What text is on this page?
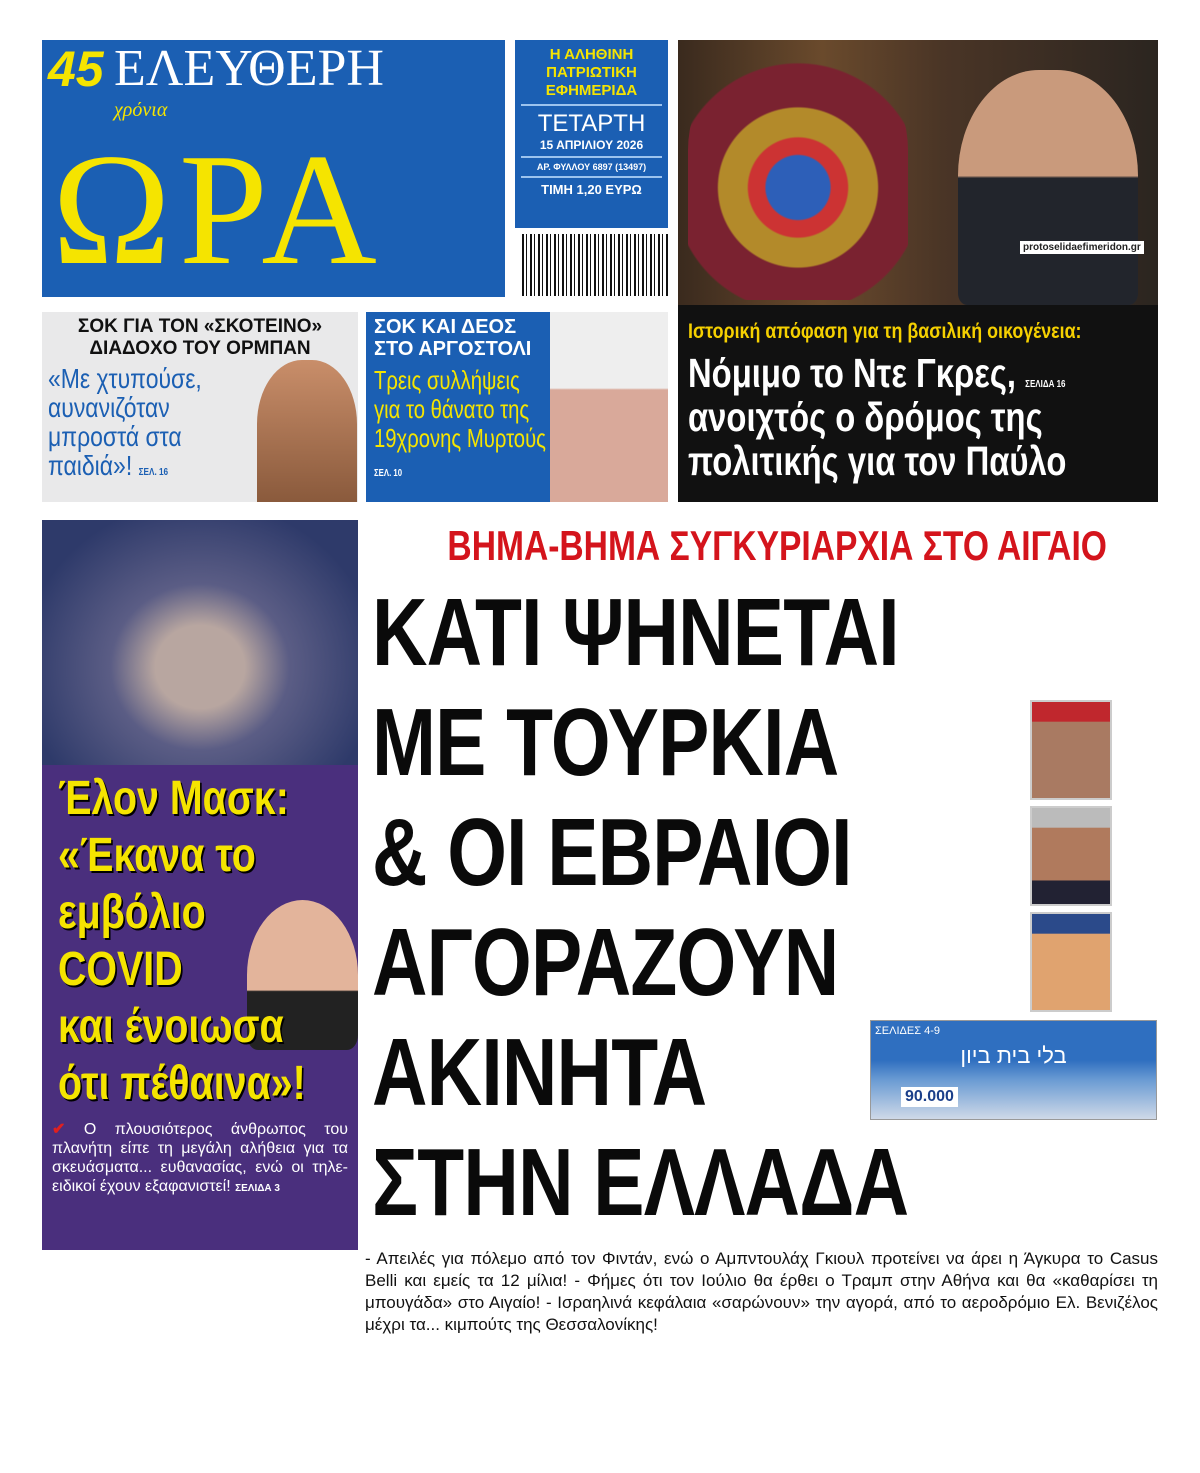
45 ΕΛΕΥΘΕΡΗ
χρόνια
ΩΡΑ
Η ΑΛΗΘΙΝΗ
ΠΑΤΡΙΩΤΙΚΗ
ΕΦΗΜΕΡΙΔΑ
ΤΕΤΑΡΤΗ
15 ΑΠΡΙΛΙΟΥ 2026
ΑΡ. ΦΥΛΛΟΥ 6897 (13497)
ΤΙΜΗ 1,20 ΕΥΡΩ
protoselidaefimeridon.gr
Ιστορική απόφαση για τη βασιλική οικογένεια:
Νόμιμο το Ντε Γκρες, ΣΕΛΙΔΑ 16
ανοιχτός ο δρόμος της
πολιτικής για τον Παύλο
ΣΟΚ ΓΙΑ ΤΟΝ «ΣΚΟΤΕΙΝΟ»
ΔΙΑΔΟΧΟ ΤΟΥ ΟΡΜΠΑΝ
«Με χτυπούσε, αυνανιζόταν μπροστά στα παιδιά»! ΣΕΛ. 16
ΣΟΚ ΚΑΙ ΔΕΟΣ
ΣΤΟ ΑΡΓΟΣΤΟΛΙ
Τρεις συλλήψεις για το θάνατο της 19χρονης Μυρτούς ΣΕΛ. 10
Έλον Μασκ:
«Έκανα το
εμβόλιο
COVID
και ένοιωσα
ότι πέθαινα»!
✔ Ο πλουσιότερος άνθρωπος του πλανήτη είπε τη μεγάλη αλήθεια για τα σκευάσματα... ευθανασίας, ενώ οι τηλε-ειδικοί έχουν εξαφανιστεί! ΣΕΛΙΔΑ 3
ΒΗΜΑ-ΒΗΜΑ ΣΥΓΚΥΡΙΑΡΧΙΑ ΣΤΟ ΑΙΓΑΙΟ
ΚΑΤΙ ΨΗΝΕΤΑΙ
ΜΕ ΤΟΥΡΚΙΑ
& ΟΙ ΕΒΡΑΙΟΙ
ΑΓΟΡΑΖΟΥΝ
ΑΚΙΝΗΤΑ
ΣΤΗΝ ΕΛΛΑΔΑ
ΣΕΛΙΔΕΣ 4-9
בלי בית ביון
90.000
- Απειλές για πόλεμο από τον Φιντάν, ενώ ο Αμπντουλάχ Γκιουλ προτείνει να άρει η Άγκυρα το Casus Belli και εμείς τα 12 μίλια! - Φήμες ότι τον Ιούλιο θα έρθει ο Τραμπ στην Αθήνα και θα «καθαρίσει τη μπουγάδα» στο Αιγαίο! - Ισραηλινά κεφάλαια «σαρώνουν» την αγορά, από το αεροδρόμιο Ελ. Βενιζέλος μέχρι τα... κιμπούτς της Θεσσαλονίκης!
